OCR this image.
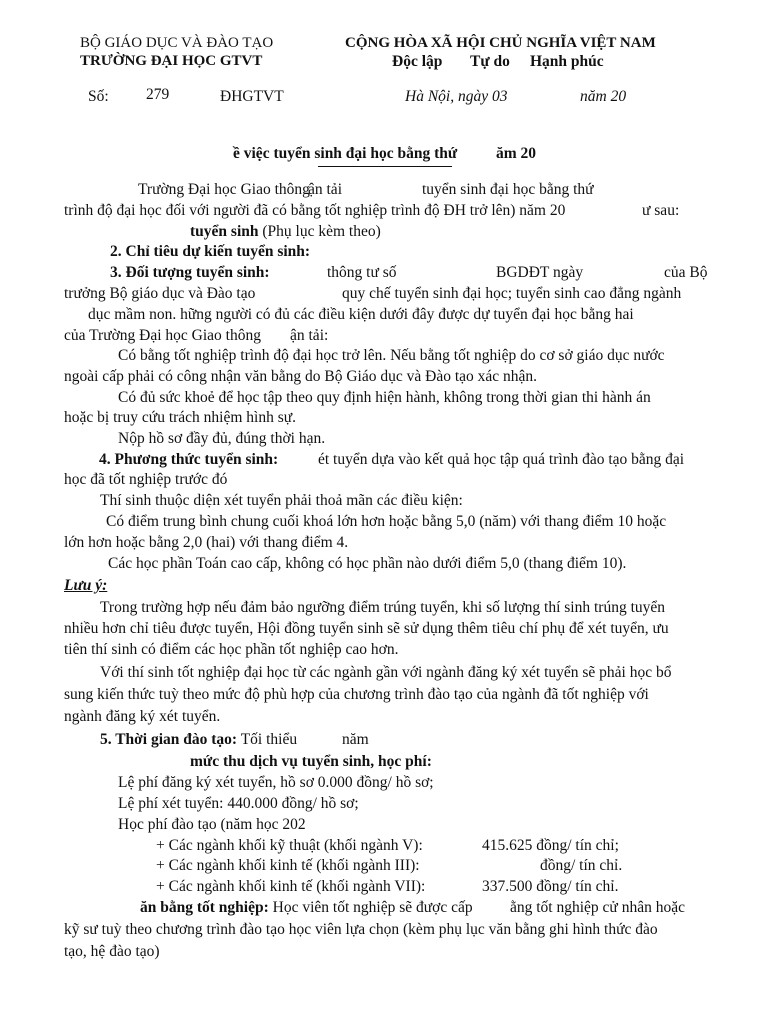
BỘ GIÁO DỤC VÀ ĐÀO TẠO
TRƯỜNG ĐẠI HỌC GTVT
Số: 279	ĐHGTVT
CỘNG HÒA XÃ HỘI CHỦ NGHĨA VIỆT NAM
Độc lập Tự do Hạnh phúc
Hà Nội, ngày 03	năm 20
ề việc tuyển sinh đại học bằng thứ	ăm 20
Trường Đại học Giao thông
ận tải	tuyển sinh đại học bằng thứ
trình độ đại học đối với người đã có bằng tốt nghiệp trình độ ĐH trở lên) năm 20	ư sau:
tuyển sinh (Phụ lục kèm theo)
2. Chỉ tiêu dự kiến tuyển sinh:
3. Đối tượng tuyển sinh:	thông tư số	BGDĐT ngày	của Bộ
trưởng Bộ giáo dục và Đào tạo	quy chế tuyển sinh đại học; tuyển sinh cao đẳng ngành
dục mầm non. hững người có đủ các điều kiện dưới đây được dự tuyển đại học bằng hai
của Trường Đại học Giao thông ận tải:
Có bằng tốt nghiệp trình độ đại học trở lên. Nếu bằng tốt nghiệp do cơ sở giáo dục nước
ngoài cấp phải có công nhận văn bằng do Bộ Giáo dục và Đào tạo xác nhận.
Có đủ sức khoẻ để học tập theo quy định hiện hành, không trong thời gian thi hành án
hoặc bị truy cứu trách nhiệm hình sự.
Nộp hồ sơ đầy đủ, đúng thời hạn.
4. Phương thức tuyển sinh:	ét tuyển dựa vào kết quả học tập quá trình đào tạo bằng đại
học đã tốt nghiệp trước đó
Thí sinh thuộc diện xét tuyển phải thoả mãn các điều kiện:
Có điểm trung bình chung cuối khoá lớn hơn hoặc bằng 5,0 (năm) với thang điểm 10 hoặc
lớn hơn hoặc bằng 2,0 (hai) với thang điểm 4.
Các học phần Toán cao cấp, không có học phần nào dưới điểm 5,0 (thang điểm 10).
Lưu ý:
Trong trường hợp nếu đảm bảo ngưỡng điểm trúng tuyển, khi số lượng thí sinh trúng tuyển
nhiều hơn chỉ tiêu được tuyển, Hội đồng tuyển sinh sẽ sử dụng thêm tiêu chí phụ để xét tuyển, ưu
tiên thí sinh có điểm các học phần tốt nghiệp cao hơn.
Với thí sinh tốt nghiệp đại học từ các ngành gần với ngành đăng ký xét tuyển sẽ phải học bổ
sung kiến thức tuỳ theo mức độ phù hợp của chương trình đào tạo của ngành đã tốt nghiệp với
ngành đăng ký xét tuyển.
5. Thời gian đào tạo: Tối thiểu	năm
mức thu dịch vụ tuyển sinh, học phí:
Lệ phí đăng ký xét tuyển, hồ sơ 0.000 đồng/ hồ sơ;
Lệ phí xét tuyển: 440.000 đồng/ hồ sơ;
Học phí đào tạo (năm học 202
+ Các ngành khối kỹ thuật (khối ngành V):	415.625 đồng/ tín chỉ;
+ Các ngành khối kinh tế (khối ngành III):	đồng/ tín chỉ.
+ Các ngành khối kinh tế (khối ngành VII):	337.500 đồng/ tín chỉ.
ăn bằng tốt nghiệp: Học viên tốt nghiệp sẽ được cấp ằng tốt nghiệp cử nhân hoặc
kỹ sư tuỳ theo chương trình đào tạo học viên lựa chọn (kèm phụ lục văn bằng ghi hình thức đào
tạo, hệ đào tạo)
